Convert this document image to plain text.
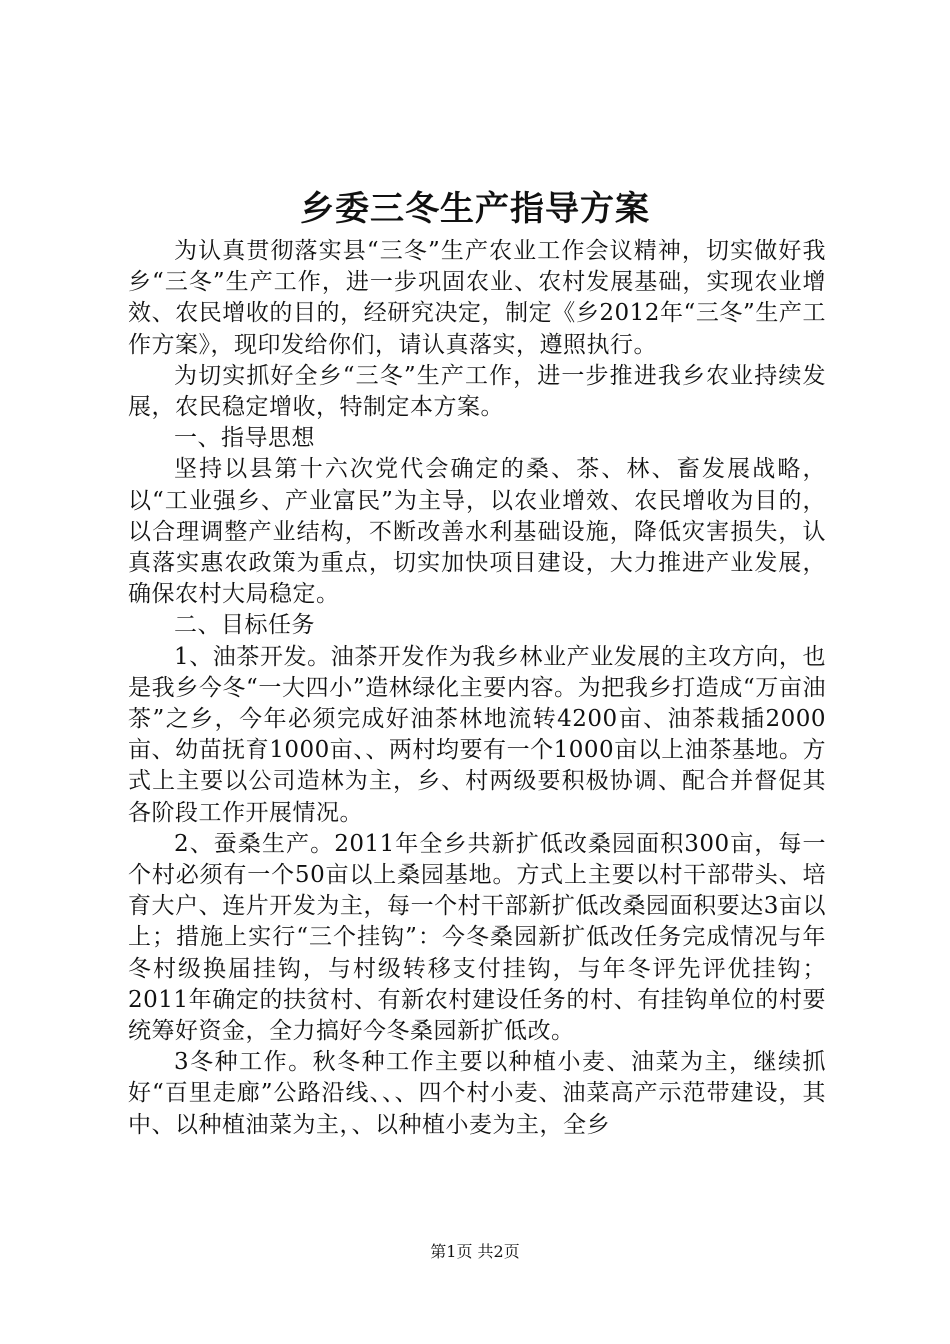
乡委三冬生产指导方案

为认真贯彻落实县“三冬”生产农业工作会议精神，切实做好我乡“三冬”生产工作，进一步巩固农业、农村发展基础，实现农业增效、农民增收的目的，经研究决定，制定《乡2012年“三冬”生产工作方案》，现印发给你们，请认真落实，遵照执行。

为切实抓好全乡“三冬”生产工作，进一步推进我乡农业持续发展，农民稳定增收，特制定本方案。

一、指导思想

坚持以县第十六次党代会确定的桑、茶、林、畜发展战略，以“工业强乡、产业富民”为主导，以农业增效、农民增收为目的，以合理调整产业结构，不断改善水利基础设施，降低灾害损失，认真落实惠农政策为重点，切实加快项目建设，大力推进产业发展，确保农村大局稳定。

二、目标任务

1、油茶开发。油茶开发作为我乡林业产业发展的主攻方向，也是我乡今冬“一大四小”造林绿化主要内容。为把我乡打造成“万亩油茶”之乡，今年必须完成好油茶林地流转4200亩、油茶栽插2000亩、幼苗抚育1000亩、、两村均要有一个1000亩以上油茶基地。方式上主要以公司造林为主，乡、村两级要积极协调、配合并督促其各阶段工作开展情况。

2、蚕桑生产。2011年全乡共新扩低改桑园面积300亩，每一个村必须有一个50亩以上桑园基地。方式上主要以村干部带头、培育大户、连片开发为主，每一个村干部新扩低改桑园面积要达3亩以上；措施上实行“三个挂钩”：今冬桑园新扩低改任务完成情况与年冬村级换届挂钩，与村级转移支付挂钩，与年冬评先评优挂钩；2011年确定的扶贫村、有新农村建设任务的村、有挂钩单位的村要统筹好资金，全力搞好今冬桑园新扩低改。

3冬种工作。秋冬种工作主要以种植小麦、油菜为主，继续抓好“百里走廊”公路沿线、、、四个村小麦、油菜高产示范带建设，其中、以种植油菜为主，、以种植小麦为主，全乡

第1页 共2页
